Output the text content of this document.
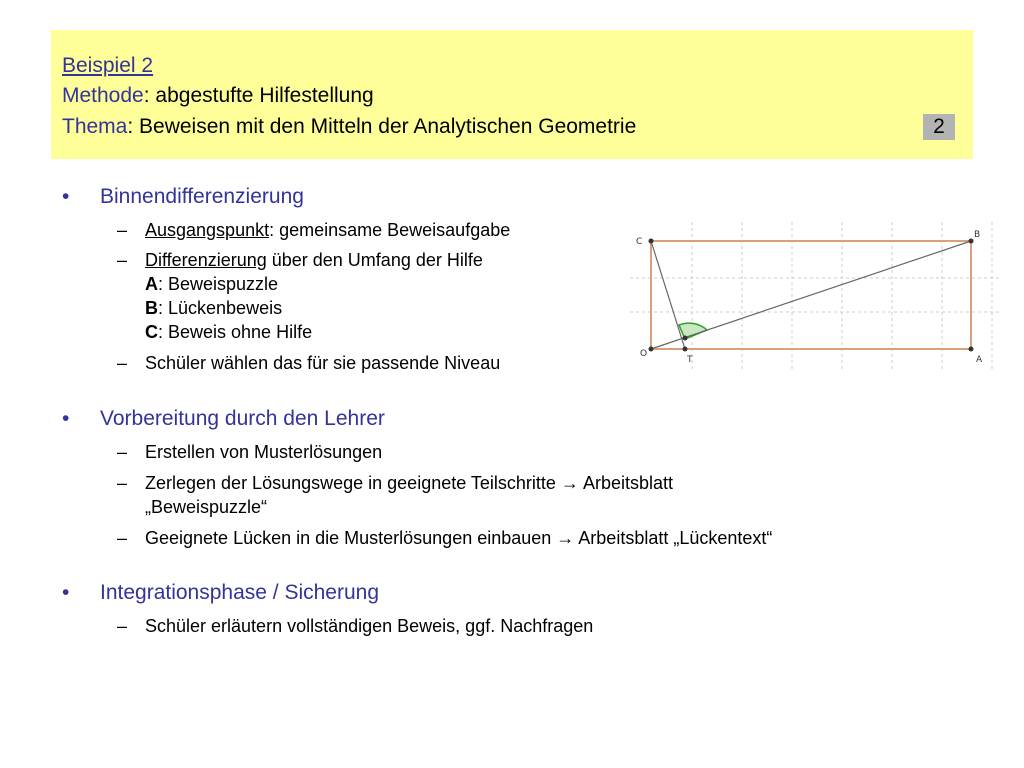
Beispiel 2
Methode: abgestufte Hilfestellung
Thema: Beweisen mit den Mitteln der Analytischen Geometrie	2
• Binnendifferenzierung
– Ausgangspunkt: gemeinsame Beweisaufgabe
– Differenzierung über den Umfang der Hilfe
A: Beweispuzzle
B: Lückenbeweis
C: Beweis ohne Hilfe
– Schüler wählen das für sie passende Niveau
• Vorbereitung durch den Lehrer
– Erstellen von Musterlösungen
– Zerlegen der Lösungswege in geeignete Teilschritte → Arbeitsblatt
„Beweispuzzle“
– Geeignete Lücken in die Musterlösungen einbauen → Arbeitsblatt „Lückentext“
• Integrationsphase / Sicherung
– Schüler erläutern vollständigen Beweis, ggf. Nachfragen
C
B
O
T	A
